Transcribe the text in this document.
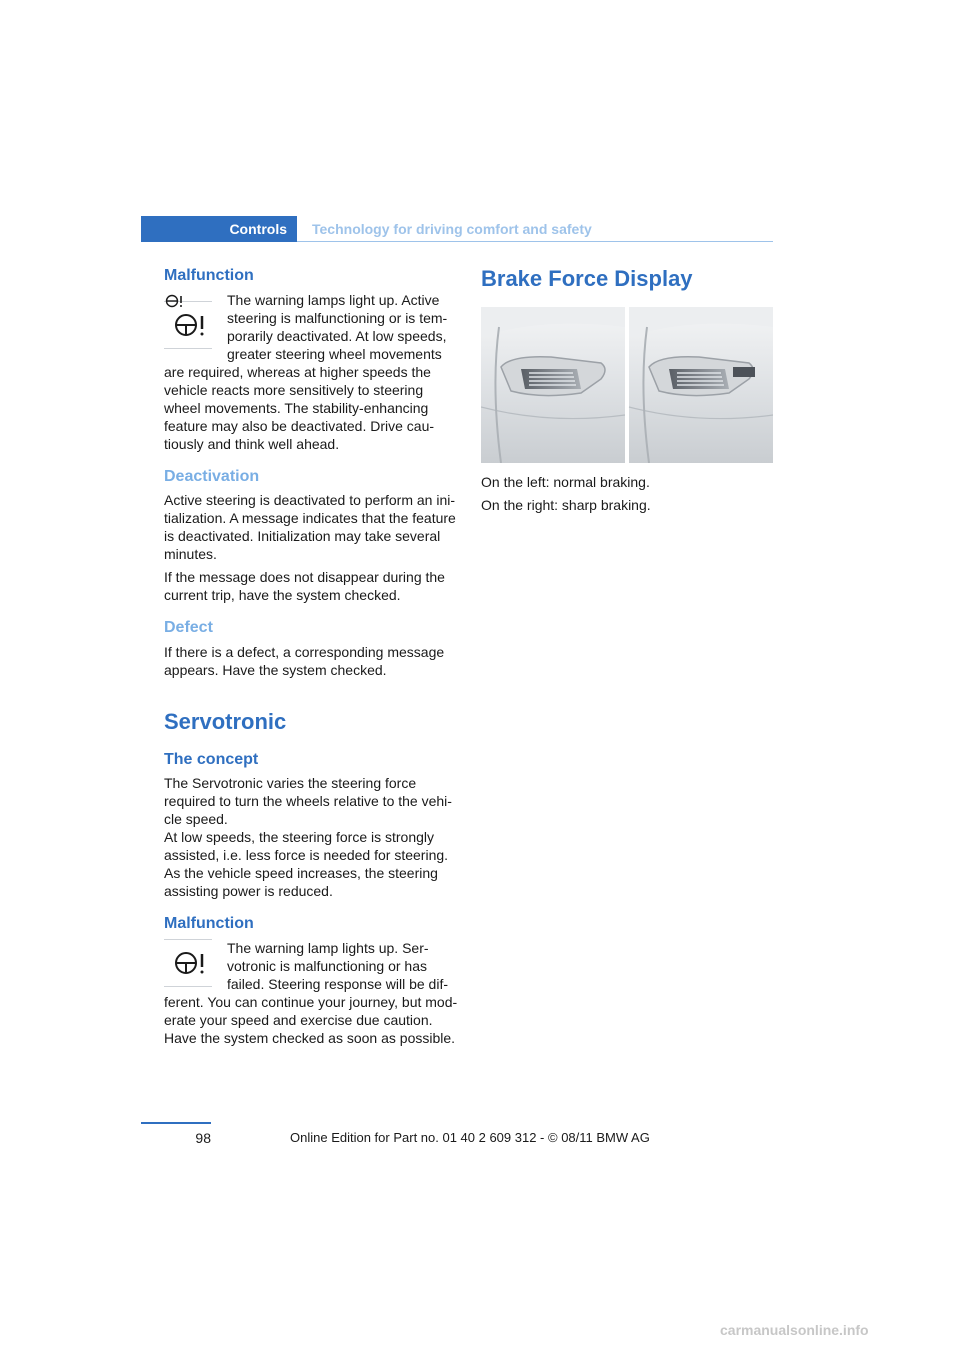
Controls	Technology for driving comfort and safety
Malfunction

The warning lamps light up. Active

steering is malfunctioning or is tem-

porarily deactivated. At low speeds,

greater steering wheel movements

are required, whereas at higher speeds the

vehicle reacts more sensitively to steering

wheel movements. The stability-enhancing

feature may also be deactivated. Drive cau-

tiously and think well ahead.

Deactivation

Active steering is deactivated to perform an ini-

tialization. A message indicates that the feature

is deactivated. Initialization may take several

minutes.

If the message does not disappear during the

current trip, have the system checked.

Defect

If there is a defect, a corresponding message

appears. Have the system checked.

Servotronic
The concept

The Servotronic varies the steering force

required to turn the wheels relative to the vehi-

cle speed.

At low speeds, the steering force is strongly

assisted, i.e. less force is needed for steering.

As the vehicle speed increases, the steering

assisting power is reduced.

Malfunction

The warning lamp lights up. Ser-

votronic is malfunctioning or has

failed. Steering response will be dif-

ferent. You can continue your journey, but mod-

erate your speed and exercise due caution.

Have the system checked as soon as possible.

Brake Force Display

On the left: normal braking.

On the right: sharp braking.

98	Online Edition for Part no. 01 40 2 609 312 - © 08/11 BMW AG
carmanualsonline.info
